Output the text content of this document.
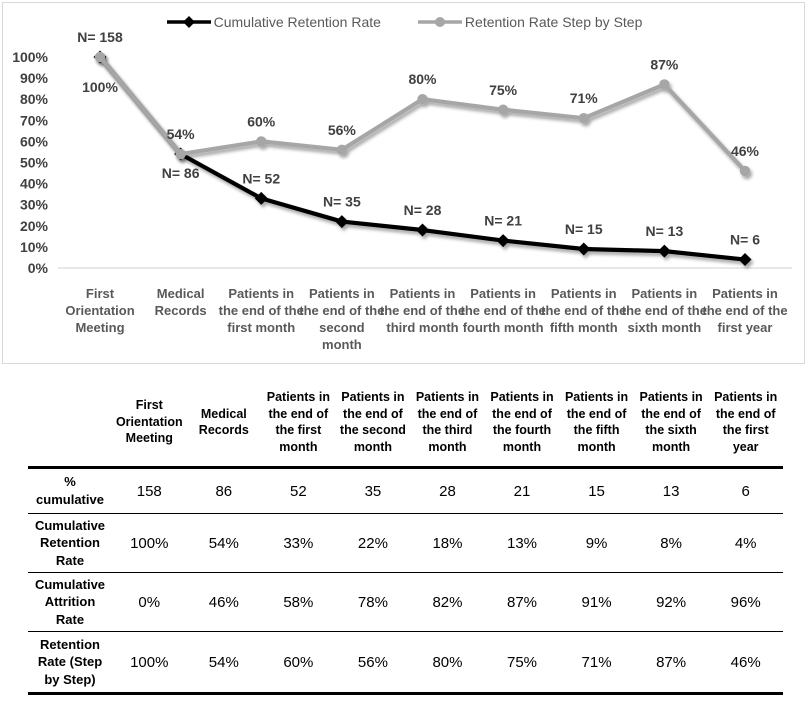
Cumulative Retention Rate	Retention Rate Step by Step
0%
10%
20%
30%
40%
50%
60%
70%
80%
90%
100%
N= 158
N= 86	N= 52
N= 35
N= 28
N= 21
N= 15	N= 13
N= 6
100%
54%
60%
56%
80%
75%
71%
87%
46%
First Orientation Meeting
Medical Records
Patients in the end of the first month
Patients in the end of the second month
Patients in the end of the third month
Patients in the end of the fourth month
Patients in the end of the fifth month
Patients in the end of the sixth month
Patients in the end of the first year
	First Orientation Meeting	Medical Records	Patients in the end of the first month	Patients in the end of the second month	Patients in the end of the third month	Patients in the end of the fourth month	Patients in the end of the fifth month	Patients in the end of the sixth month	Patients in the end of the first year
% cumulative	158	86	52	35	28	21	15	13	6
Cumulative Retention Rate	100%	54%	33%	22%	18%	13%	9%	8%	4%
Cumulative Attrition Rate	0%	46%	58%	78%	82%	87%	91%	92%	96%
Retention Rate (Step by Step)	100%	54%	60%	56%	80%	75%	71%	87%	46%
